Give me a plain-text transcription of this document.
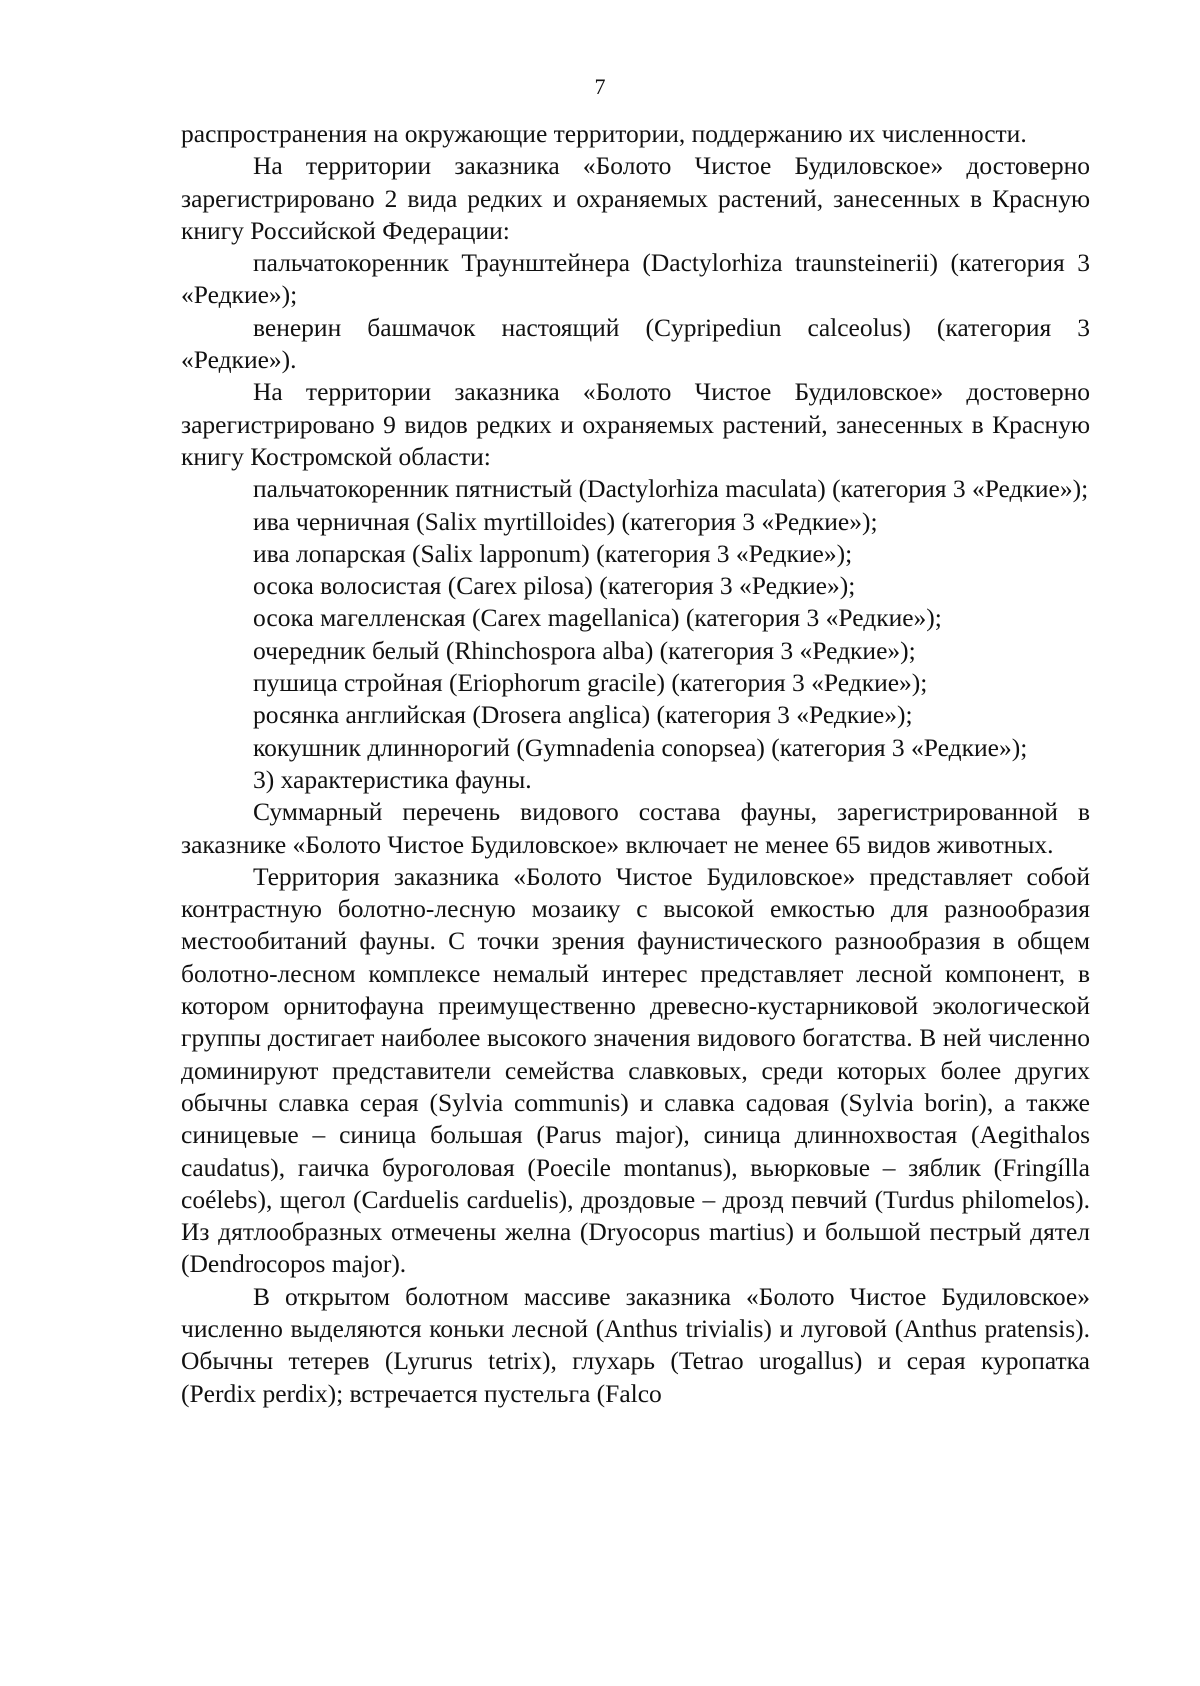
7

распространения на окружающие территории, поддержанию их численности.

На территории заказника «Болото Чистое Будиловское» достоверно зарегистрировано 2 вида редких и охраняемых растений, занесенных в Красную книгу Российской Федерации:

пальчатокоренник Траунштейнера (Dactylorhiza traunsteinerii) (категория 3 «Редкие»);

венерин башмачок настоящий (Cypripediun calceolus) (категория 3 «Редкие»).

На территории заказника «Болото Чистое Будиловское» достоверно зарегистрировано 9 видов редких и охраняемых растений, занесенных в Красную книгу Костромской области:

пальчатокоренник пятнистый (Dactylorhiza maculata) (категория 3 «Редкие»);

ива черничная (Salix myrtilloides) (категория 3 «Редкие»);

ива лопарская (Salix lapponum) (категория 3 «Редкие»);

осока волосистая (Carex pilosa) (категория 3 «Редкие»);

осока магелленская (Carex magellanica) (категория 3 «Редкие»);

очередник белый (Rhinchospora alba) (категория 3 «Редкие»);

пушица стройная (Eriophorum gracile) (категория 3 «Редкие»);

росянка английская (Drosera anglica) (категория 3 «Редкие»);

кокушник длиннорогий (Gymnadenia conopsea) (категория 3 «Редкие»);

3) характеристика фауны.

Суммарный перечень видового состава фауны, зарегистрированной в заказнике «Болото Чистое Будиловское» включает не менее 65 видов животных.

Территория заказника «Болото Чистое Будиловское» представляет собой контрастную болотно-лесную мозаику с высокой емкостью для разнообразия местообитаний фауны. С точки зрения фаунистического разнообразия в общем болотно-лесном комплексе немалый интерес представляет лесной компонент, в котором орнитофауна преимущественно древесно-кустарниковой экологической группы достигает наиболее высокого значения видового богатства. В ней численно доминируют представители семейства славковых, среди которых более других обычны славка серая (Sylvia communis) и славка садовая (Sylvia borin), а также синицевые – синица большая (Parus major), синица длиннохвостая (Aegithalos caudatus), гаичка буроголовая (Poecile montanus), вьюрковые – зяблик (Fringílla coélebs), щегол (Carduelis carduelis), дроздовые – дрозд певчий (Turdus philomelos). Из дятлообразных отмечены желна (Dryocopus martius) и большой пестрый дятел (Dendrocopos major).

В открытом болотном массиве заказника «Болото Чистое Будиловское» численно выделяются коньки лесной (Anthus trivialis) и луговой (Anthus pratensis). Обычны тетерев (Lyrurus tetrix), глухарь (Tetrao urogallus) и серая куропатка (Perdix perdix); встречается пустельга (Falco
